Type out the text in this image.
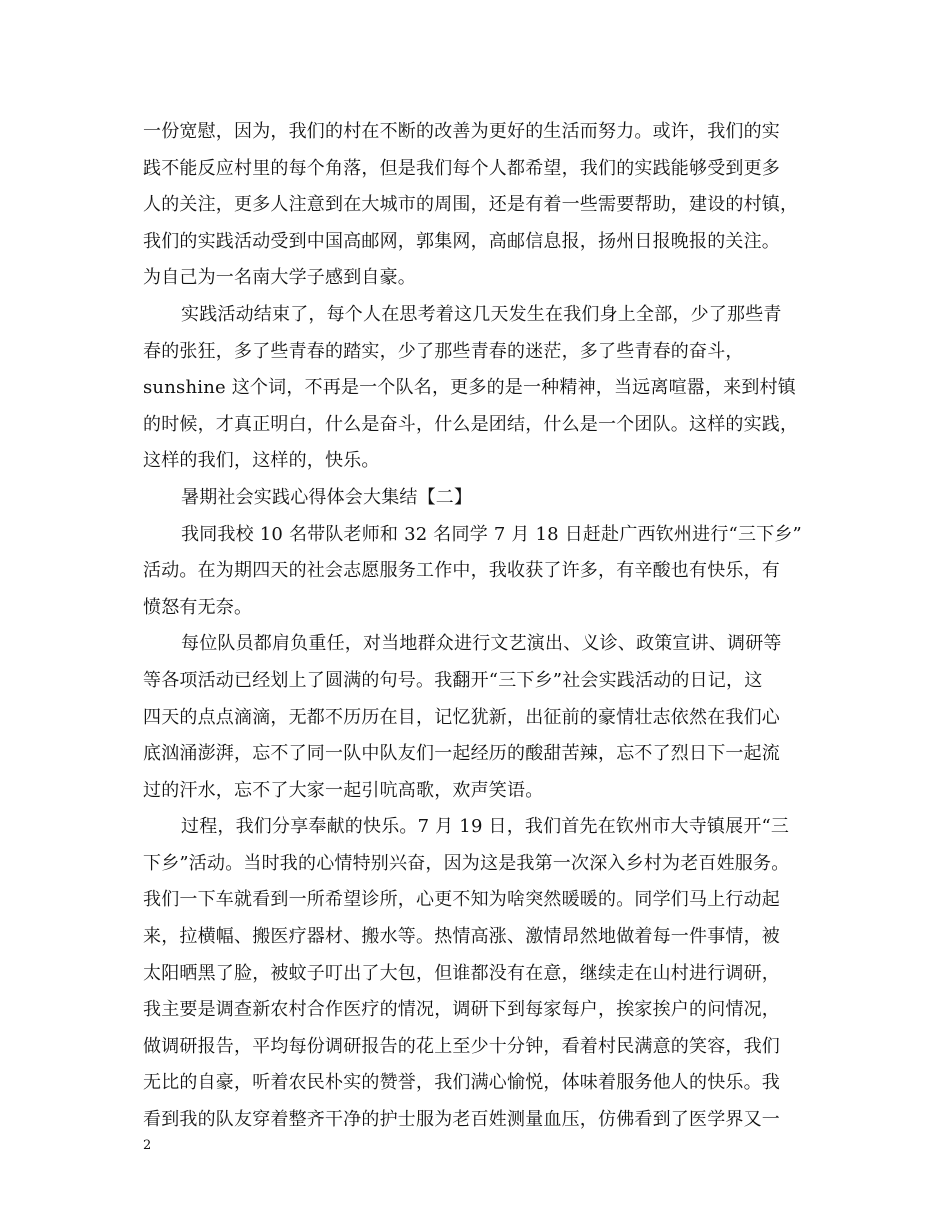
一份宽慰，因为，我们的村在不断的改善为更好的生活而努力。或许，我们的实
践不能反应村里的每个角落，但是我们每个人都希望，我们的实践能够受到更多
人的关注，更多人注意到在大城市的周围，还是有着一些需要帮助，建设的村镇，
我们的实践活动受到中国高邮网，郭集网，高邮信息报，扬州日报晚报的关注。
为自己为一名南大学子感到自豪。
实践活动结束了，每个人在思考着这几天发生在我们身上全部，少了那些青
春的张狂，多了些青春的踏实，少了那些青春的迷茫，多了些青春的奋斗，
sunshine 这个词，不再是一个队名，更多的是一种精神，当远离喧嚣，来到村镇
的时候，才真正明白，什么是奋斗，什么是团结，什么是一个团队。这样的实践，
这样的我们，这样的，快乐。
暑期社会实践心得体会大集结【二】
我同我校 10 名带队老师和 32 名同学 7 月 18 日赶赴广西钦州进行“三下乡”
活动。在为期四天的社会志愿服务工作中，我收获了许多，有辛酸也有快乐，有
愤怒有无奈。
每位队员都肩负重任，对当地群众进行文艺演出、义诊、政策宣讲、调研等
等各项活动已经划上了圆满的句号。我翻开“三下乡”社会实践活动的日记，这
四天的点点滴滴，无都不历历在目，记忆犹新，出征前的豪情壮志依然在我们心
底汹涌澎湃，忘不了同一队中队友们一起经历的酸甜苦辣，忘不了烈日下一起流
过的汗水，忘不了大家一起引吭高歌，欢声笑语。
过程，我们分享奉献的快乐。7 月 19 日，我们首先在钦州市大寺镇展开“三
下乡”活动。当时我的心情特别兴奋，因为这是我第一次深入乡村为老百姓服务。
我们一下车就看到一所希望诊所，心更不知为啥突然暖暖的。同学们马上行动起
来，拉横幅、搬医疗器材、搬水等。热情高涨、激情昂然地做着每一件事情，被
太阳晒黑了脸，被蚊子叮出了大包，但谁都没有在意，继续走在山村进行调研，
我主要是调查新农村合作医疗的情况，调研下到每家每户，挨家挨户的问情况，
做调研报告，平均每份调研报告的花上至少十分钟，看着村民满意的笑容，我们
无比的自豪，听着农民朴实的赞誉，我们满心愉悦，体味着服务他人的快乐。我
看到我的队友穿着整齐干净的护士服为老百姓测量血压，仿佛看到了医学界又一
2
